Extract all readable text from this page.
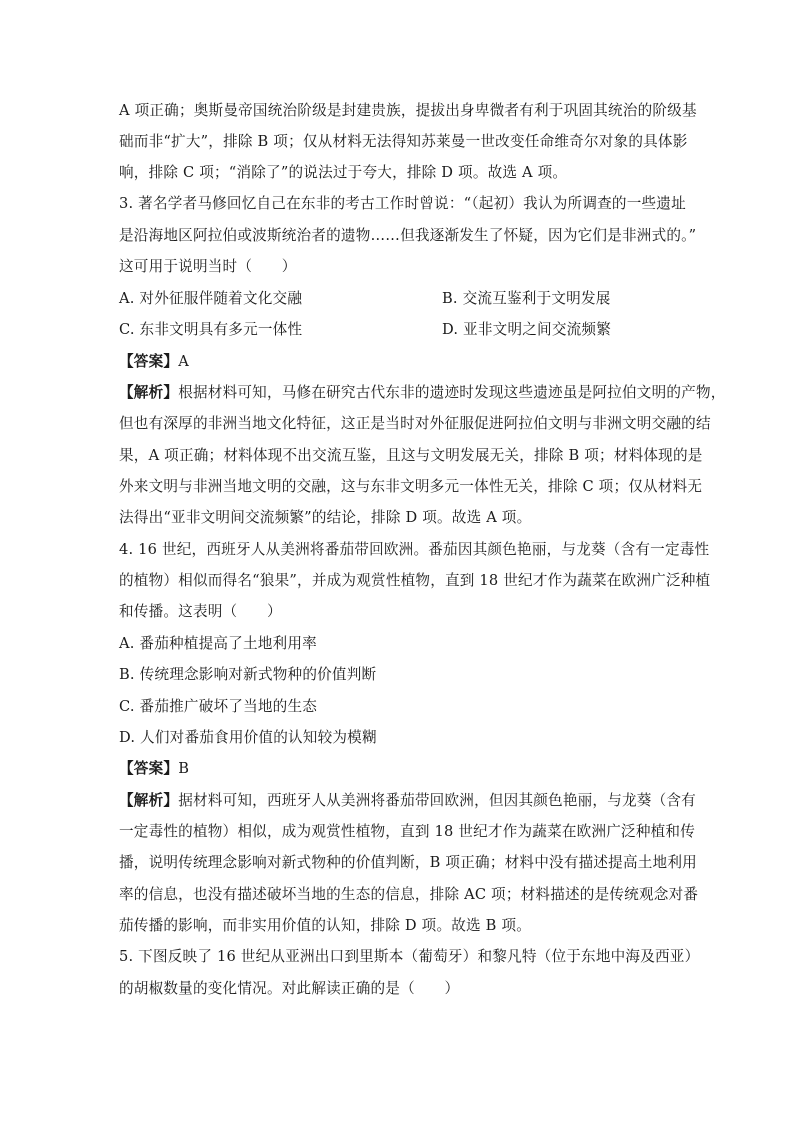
A 项正确；奥斯曼帝国统治阶级是封建贵族，提拔出身卑微者有利于巩固其统治的阶级基
础而非“扩大”，排除 B 项；仅从材料无法得知苏莱曼一世改变任命维奇尔对象的具体影
响，排除 C 项；“消除了”的说法过于夸大，排除 D 项。故选 A 项。
3. 著名学者马修回忆自己在东非的考古工作时曾说：“（起初）我认为所调查的一些遗址
是沿海地区阿拉伯或波斯统治者的遗物……但我逐渐发生了怀疑，因为它们是非洲式的。”
这可用于说明当时（　　）
A. 对外征服伴随着文化交融	B. 交流互鉴利于文明发展
C. 东非文明具有多元一体性	D. 亚非文明之间交流频繁
【答案】A
【解析】根据材料可知，马修在研究古代东非的遗迹时发现这些遗迹虽是阿拉伯文明的产物，
但也有深厚的非洲当地文化特征，这正是当时对外征服促进阿拉伯文明与非洲文明交融的结
果，A 项正确；材料体现不出交流互鉴，且这与文明发展无关，排除 B 项；材料体现的是
外来文明与非洲当地文明的交融，这与东非文明多元一体性无关，排除 C 项；仅从材料无
法得出“亚非文明间交流频繁”的结论，排除 D 项。故选 A 项。
4. 16 世纪，西班牙人从美洲将番茄带回欧洲。番茄因其颜色艳丽，与龙葵（含有一定毒性
的植物）相似而得名“狼果”，并成为观赏性植物，直到 18 世纪才作为蔬菜在欧洲广泛种植
和传播。这表明（　　）
A. 番茄种植提高了土地利用率
B. 传统理念影响对新式物种的价值判断
C. 番茄推广破坏了当地的生态
D. 人们对番茄食用价值的认知较为模糊
【答案】B
【解析】据材料可知，西班牙人从美洲将番茄带回欧洲，但因其颜色艳丽，与龙葵（含有
一定毒性的植物）相似，成为观赏性植物，直到 18 世纪才作为蔬菜在欧洲广泛种植和传
播，说明传统理念影响对新式物种的价值判断，B 项正确；材料中没有描述提高土地利用
率的信息，也没有描述破坏当地的生态的信息，排除 AC 项；材料描述的是传统观念对番
茄传播的影响，而非实用价值的认知，排除 D 项。故选 B 项。
5. 下图反映了 16 世纪从亚洲出口到里斯本（葡萄牙）和黎凡特（位于东地中海及西亚）
的胡椒数量的变化情况。对此解读正确的是（　　）
